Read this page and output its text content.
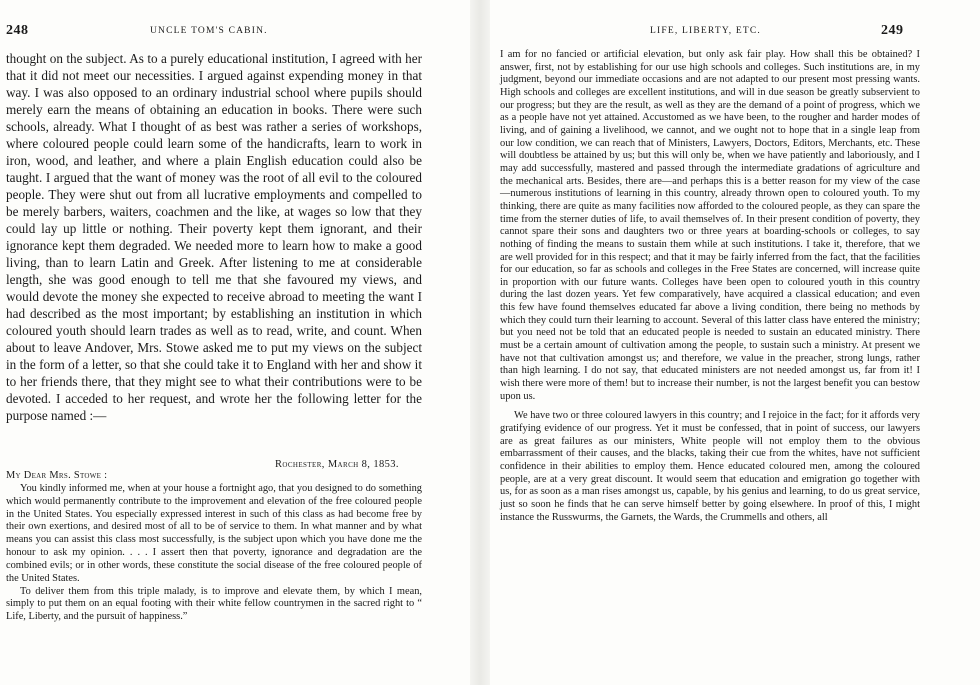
248	UNCLE TOM'S CABIN.

thought on the subject. As to a purely educational institution, I agreed with her that it did not meet our necessities. I argued against expending money in that way. I was also opposed to an ordinary industrial school where pupils should merely earn the means of obtaining an education in books. There were such schools, already. What I thought of as best was rather a series of workshops, where coloured people could learn some of the handicrafts, learn to work in iron, wood, and leather, and where a plain English education could also be taught. I argued that the want of money was the root of all evil to the coloured people. They were shut out from all lucrative employments and compelled to be merely barbers, waiters, coachmen and the like, at wages so low that they could lay up little or nothing. Their poverty kept them ignorant, and their ignorance kept them degraded. We needed more to learn how to make a good living, than to learn Latin and Greek. After listening to me at considerable length, she was good enough to tell me that she favoured my views, and would devote the money she expected to receive abroad to meeting the want I had described as the most important; by establishing an institution in which coloured youth should learn trades as well as to read, write, and count. When about to leave Andover, Mrs. Stowe asked me to put my views on the subject in the form of a letter, so that she could take it to England with her and show it to her friends there, that they might see to what their contributions were to be devoted. I acceded to her request, and wrote her the following letter for the purpose named :—

Rochester, March 8, 1853.
My Dear Mrs. Stowe :

You kindly informed me, when at your house a fortnight ago, that you designed to do something which would permanently contribute to the improvement and elevation of the free coloured people in the United States. You especially expressed interest in such of this class as had become free by their own exertions, and desired most of all to be of service to them. In what manner and by what means you can assist this class most successfully, is the subject upon which you have done me the honour to ask my opinion. . . . I assert then that poverty, ignorance and degradation are the combined evils; or in other words, these constitute the social disease of the free coloured people of the United States.

To deliver them from this triple malady, is to improve and elevate them, by which I mean, simply to put them on an equal footing with their white fellow countrymen in the sacred right to “ Life, Liberty, and the pursuit of happiness.”

LIFE, LIBERTY, ETC.	249

I am for no fancied or artificial elevation, but only ask fair play. How shall this be obtained? I answer, first, not by establishing for our use high schools and colleges. Such institutions are, in my judgment, beyond our immediate occasions and are not adapted to our present most pressing wants. High schools and colleges are excellent institutions, and will in due season be greatly subservient to our progress; but they are the result, as well as they are the demand of a point of progress, which we as a people have not yet attained. Accustomed as we have been, to the rougher and harder modes of living, and of gaining a livelihood, we cannot, and we ought not to hope that in a single leap from our low condition, we can reach that of Ministers, Lawyers, Doctors, Editors, Merchants, etc. These will doubtless be attained by us; but this will only be, when we have patiently and laboriously, and I may add successfully, mastered and passed through the intermediate gradations of agriculture and the mechanical arts. Besides, there are—and perhaps this is a better reason for my view of the case—numerous institutions of learning in this country, already thrown open to coloured youth. To my thinking, there are quite as many facilities now afforded to the coloured people, as they can spare the time from the sterner duties of life, to avail themselves of. In their present condition of poverty, they cannot spare their sons and daughters two or three years at boarding-schools or colleges, to say nothing of finding the means to sustain them while at such institutions. I take it, therefore, that we are well provided for in this respect; and that it may be fairly inferred from the fact, that the facilities for our education, so far as schools and colleges in the Free States are concerned, will increase quite in proportion with our future wants. Colleges have been open to coloured youth in this country during the last dozen years. Yet few comparatively, have acquired a classical education; and even this few have found themselves educated far above a living condition, there being no methods by which they could turn their learning to account. Several of this latter class have entered the ministry; but you need not be told that an educated people is needed to sustain an educated ministry. There must be a certain amount of cultivation among the people, to sustain such a ministry. At present we have not that cultivation amongst us; and therefore, we value in the preacher, strong lungs, rather than high learning. I do not say, that educated ministers are not needed amongst us, far from it! I wish there were more of them! but to increase their number, is not the largest benefit you can bestow upon us.

We have two or three coloured lawyers in this country; and I rejoice in the fact; for it affords very gratifying evidence of our progress. Yet it must be confessed, that in point of success, our lawyers are as great failures as our ministers, White people will not employ them to the obvious embarrassment of their causes, and the blacks, taking their cue from the whites, have not sufficient confidence in their abilities to employ them. Hence educated coloured men, among the coloured people, are at a very great discount. It would seem that education and emigration go together with us, for as soon as a man rises amongst us, capable, by his genius and learning, to do us great service, just so soon he finds that he can serve himself better by going elsewhere. In proof of this, I might instance the Russwurms, the Garnets, the Wards, the Crummells and others, all
